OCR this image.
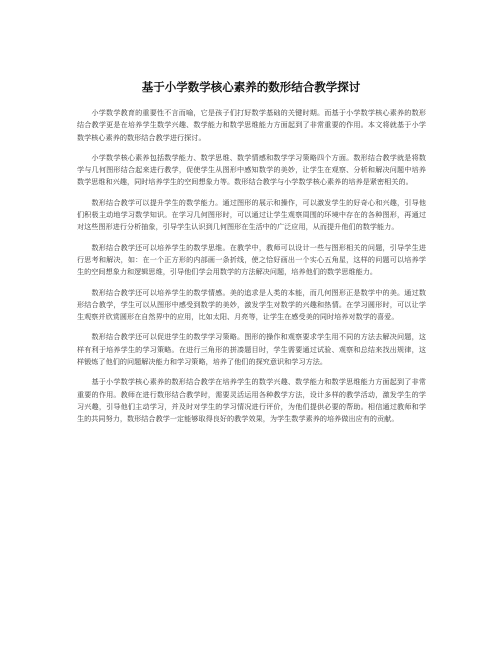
基于小学数学核心素养的数形结合教学探讨

小学数学教育的重要性不言而喻，它是孩子们打好数学基础的关键时期。而基于小学数学核心素养的数形结合教学更是在培养学生数学兴趣、数学能力和数学思维能力方面起到了非常重要的作用。本文将就基于小学数学核心素养的数形结合教学进行探讨。

小学数学核心素养包括数学能力、数学思维、数学情感和数学学习策略四个方面。数形结合教学就是将数学与几何图形结合起来进行教学，促使学生从图形中感知数学的美妙，让学生在观察、分析和解决问题中培养数学思维和兴趣，同时培养学生的空间想象力等。数形结合教学与小学数学核心素养的培养是紧密相关的。

数形结合教学可以提升学生的数学能力。通过图形的展示和操作，可以激发学生的好奇心和兴趣，引导他们积极主动地学习数学知识。在学习几何图形时，可以通过让学生观察周围的环境中存在的各种图形，再通过对这些图形进行分析抽象，引导学生认识到几何图形在生活中的广泛应用，从而提升他们的数学能力。

数形结合教学还可以培养学生的数学思维。在教学中，教师可以设计一些与图形相关的问题，引导学生进行思考和解决，如：在一个正方形的内部画一条折线，使之恰好画出一个实心五角星，这样的问题可以培养学生的空间想象力和逻辑思维，引导他们学会用数学的方法解决问题，培养他们的数学思维能力。

数形结合教学还可以培养学生的数学情感。美的追求是人类的本能，而几何图形正是数学中的美。通过数形结合教学，学生可以从图形中感受到数学的美妙，激发学生对数学的兴趣和热情。在学习圆形时，可以让学生观察并欣赏圆形在自然界中的应用，比如太阳、月亮等，让学生在感受美的同时培养对数学的喜爱。

数形结合教学还可以促进学生的数学学习策略。图形的操作和观察要求学生用不同的方法去解决问题，这样有利于培养学生的学习策略。在进行三角形的拼凑题目时，学生需要通过试验、观察和总结来找出规律，这样锻炼了他们的问题解决能力和学习策略，培养了他们的探究意识和学习方法。

基于小学数学核心素养的数形结合教学在培养学生的数学兴趣、数学能力和数学思维能力方面起到了非常重要的作用。教师在进行数形结合教学时，需要灵活运用各种教学方法，设计多样的教学活动，激发学生的学习兴趣，引导他们主动学习，并及时对学生的学习情况进行评价，为他们提供必要的帮助。相信通过教师和学生的共同努力，数形结合教学一定能够取得良好的教学效果，为学生数学素养的培养做出应有的贡献。
